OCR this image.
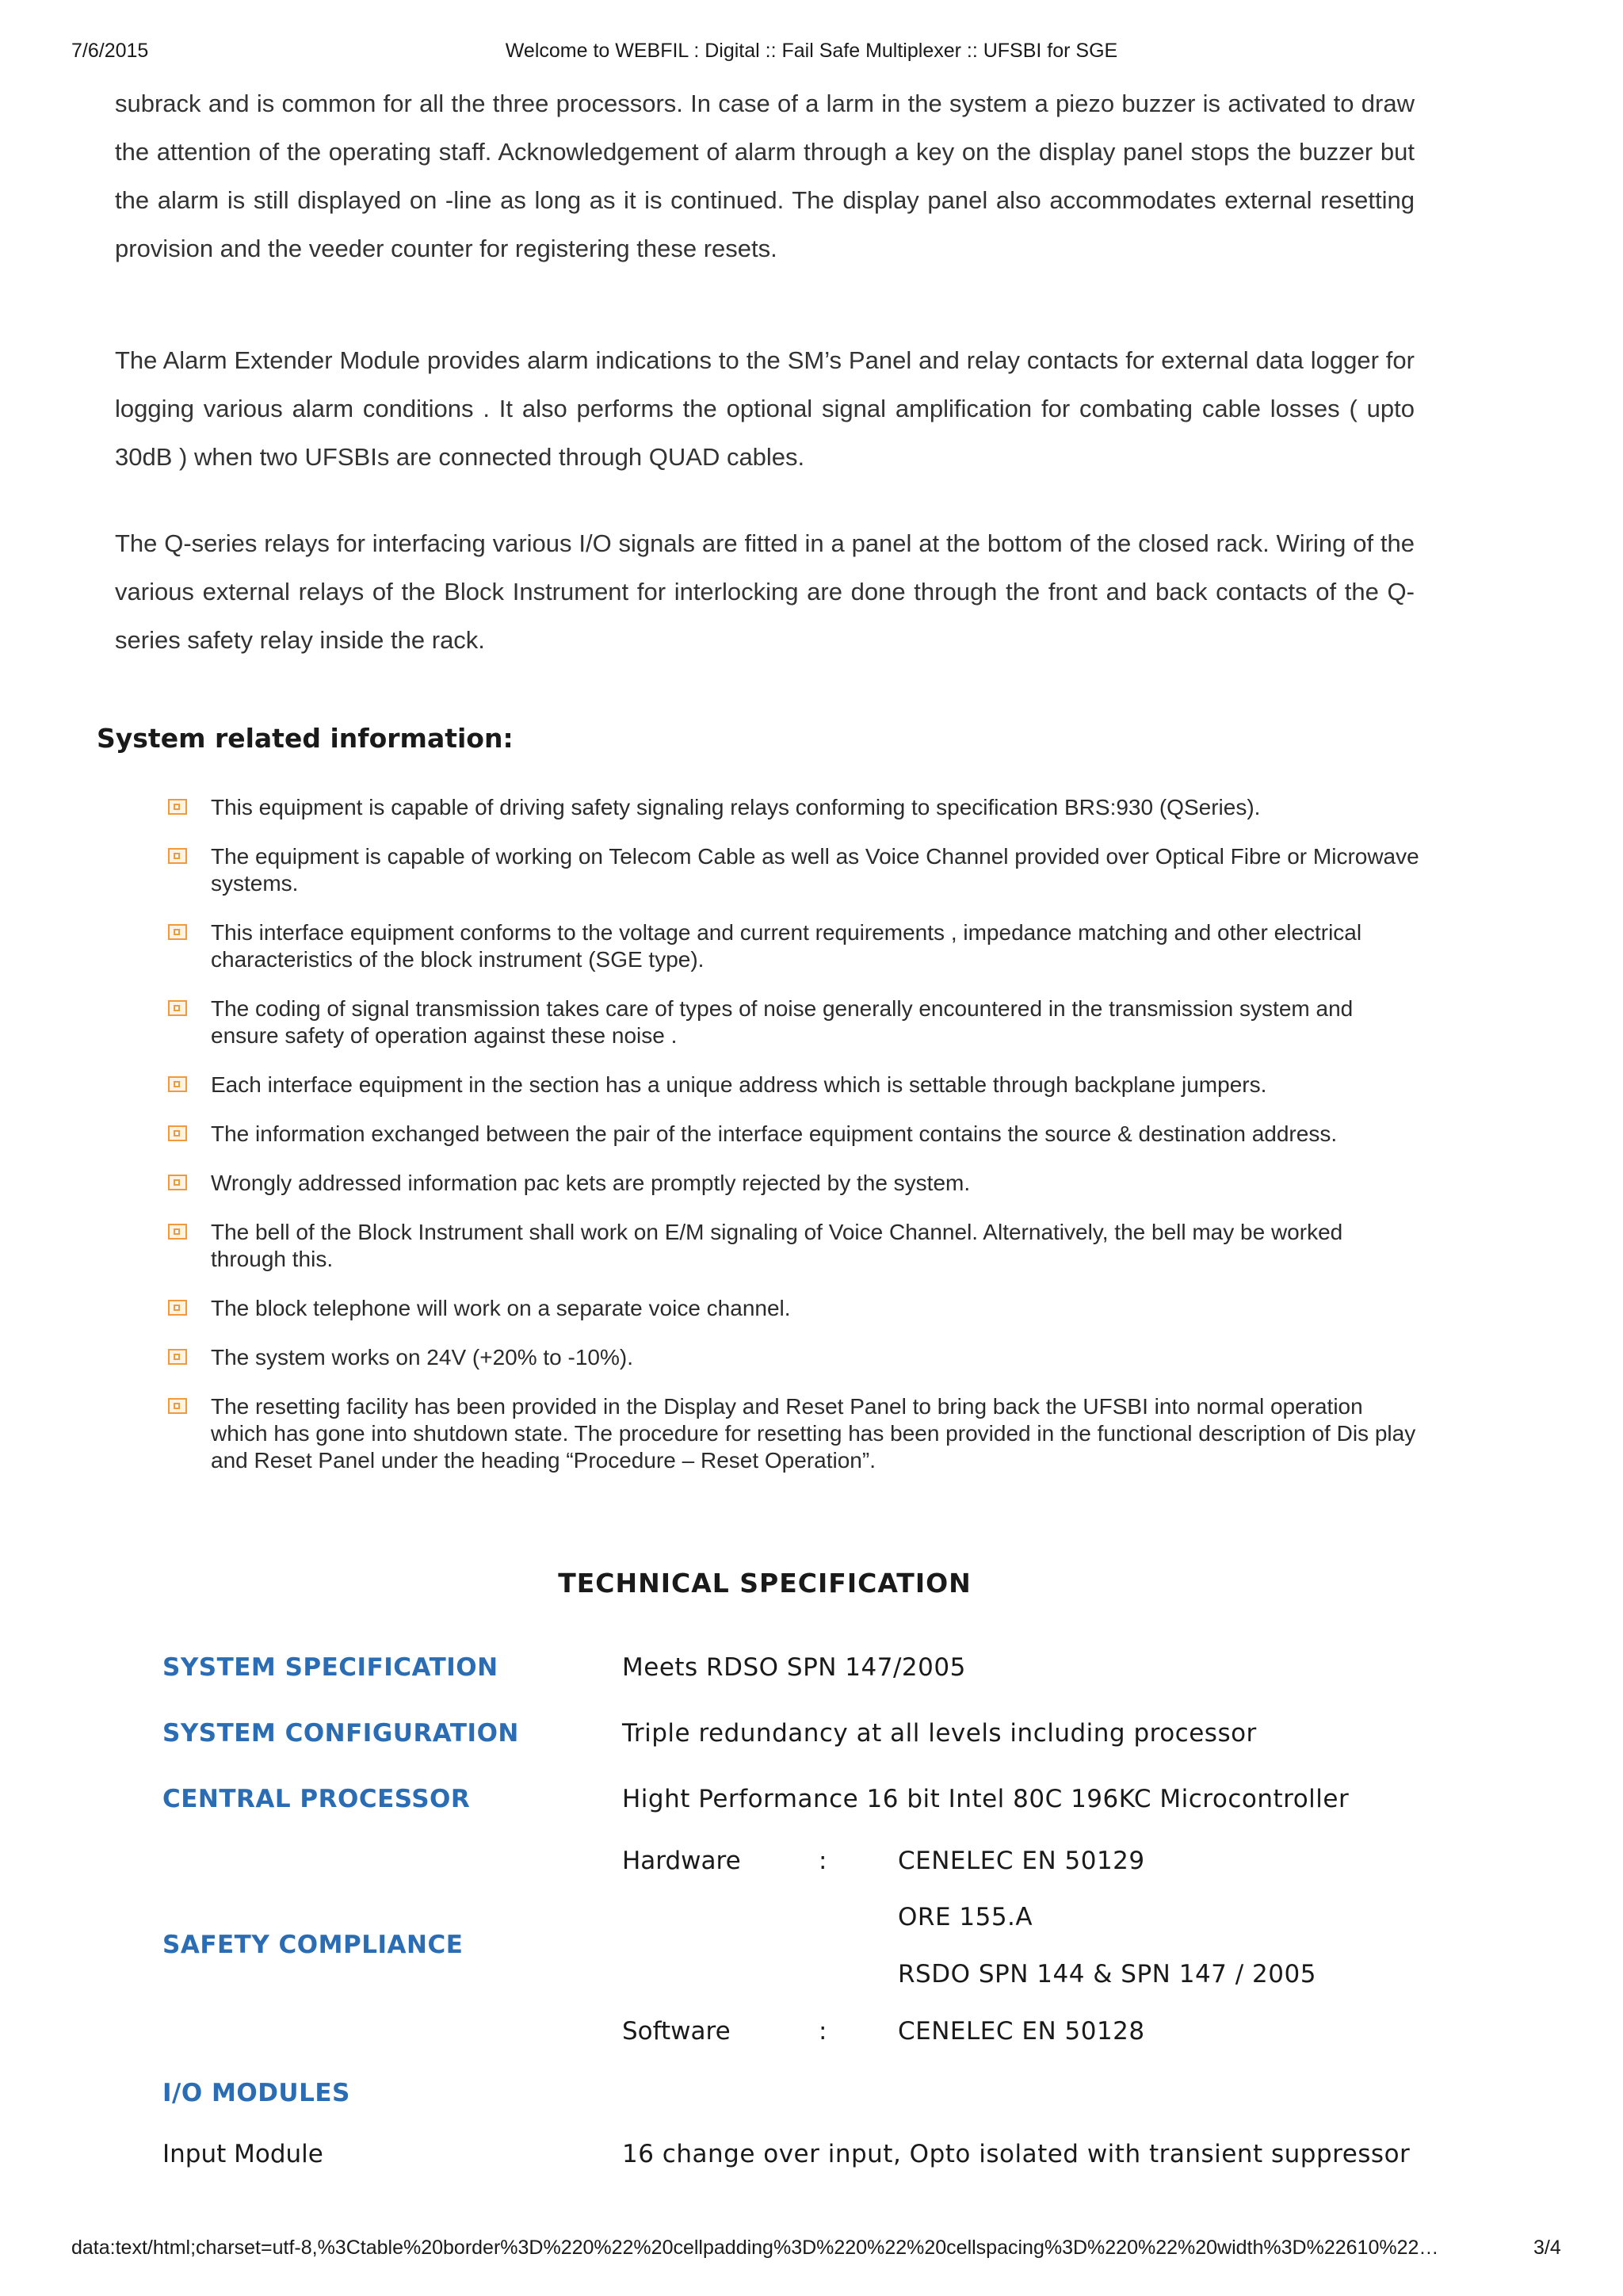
7/6/2015	Welcome to WEBFIL : Digital :: Fail Safe Multiplexer :: UFSBI for SGE

subrack and is common for all the three processors. In case of a larm in the system a piezo buzzer is activated to draw the attention of the operating staff. Acknowledgement of alarm through a key on the display panel stops the buzzer but the alarm is still displayed on -line as long as it is continued. The display panel also accommodates external resetting provision and the veeder counter for registering these resets.

The Alarm Extender Module provides alarm indications to the SM’s Panel and relay contacts for external data logger for logging various alarm conditions . It also performs the optional signal amplification for combating cable losses ( upto 30dB ) when two UFSBIs are connected through QUAD cables.

The Q-series relays for interfacing various I/O signals are fitted in a panel at the bottom of the closed rack. Wiring of the various external relays of the Block Instrument for interlocking are done through the front and back contacts of the Q-series safety relay inside the rack.

System related information:
This equipment is capable of driving safety signaling relays conforming to specification BRS:930 (QSeries).
The equipment is capable of working on Telecom Cable as well as Voice Channel provided over Optical Fibre or Microwave systems.
This interface equipment conforms to the voltage and current requirements , impedance matching and other electrical characteristics of the block instrument (SGE type).
The coding of signal transmission takes care of types of noise generally encountered in the transmission system and ensure safety of operation against these noise .
Each interface equipment in the section has a unique address which is settable through backplane jumpers.
The information exchanged between the pair of the interface equipment contains the source & destination address.
Wrongly addressed information pac kets are promptly rejected by the system.
The bell of the Block Instrument shall work on E/M signaling of Voice Channel. Alternatively, the bell may be worked through this.
The block telephone will work on a separate voice channel.
The system works on 24V (+20% to -10%).
The resetting facility has been provided in the Display and Reset Panel to bring back the UFSBI into normal operation which has gone into shutdown state. The procedure for resetting has been provided in the functional description of Dis play and Reset Panel under the heading “Procedure – Reset Operation”.
TECHNICAL SPECIFICATION
SYSTEM SPECIFICATION	Meets RDSO SPN 147/2005
SYSTEM CONFIGURATION	Triple redundancy at all levels including processor
CENTRAL PROCESSOR	Hight Performance 16 bit Intel 80C 196KC Microcontroller
SAFETY COMPLIANCE
Hardware	:	CENELEC EN 50129
ORE 155.A
RSDO SPN 144 & SPN 147 / 2005
Software	:	CENELEC EN 50128
I/O MODULES
Input Module	16 change over input, Opto isolated with transient suppressor
data:text/html;charset=utf-8,%3Ctable%20border%3D%220%22%20cellpadding%3D%220%22%20cellspacing%3D%220%22%20width%3D%22610%22…	3/4
